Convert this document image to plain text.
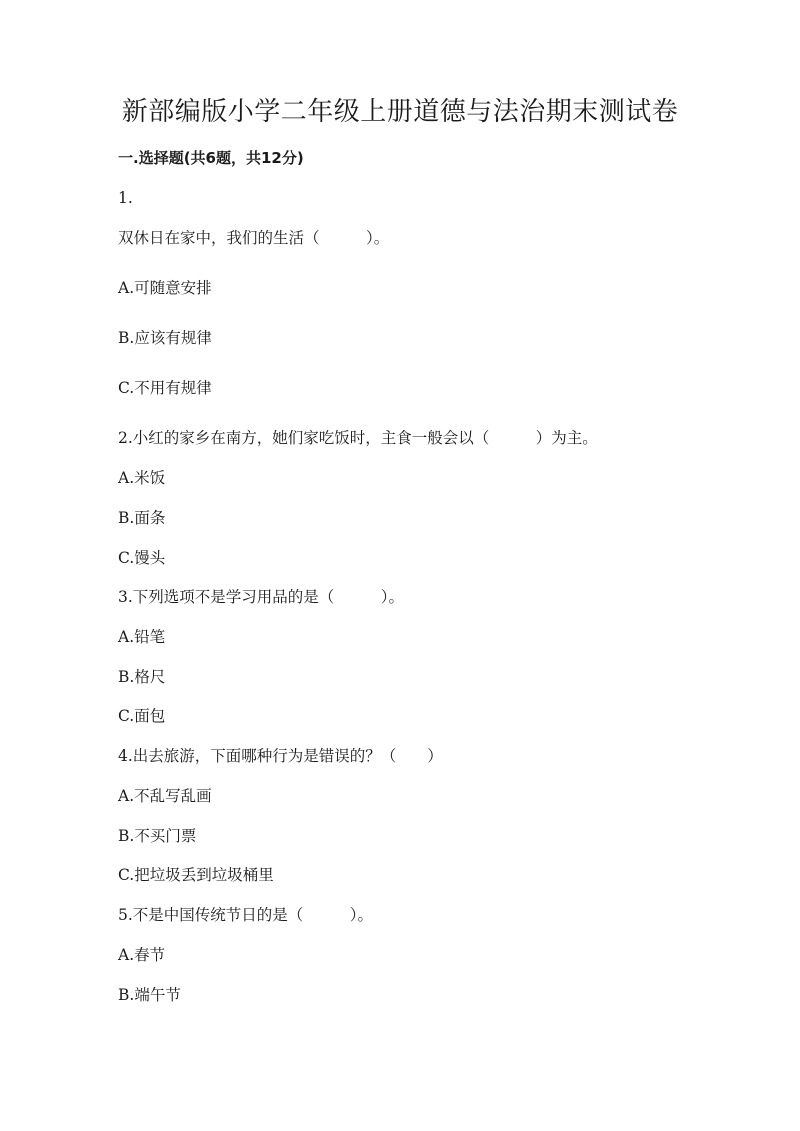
新部编版小学二年级上册道德与法治期末测试卷
一.选择题(共6题，共12分)
1.
双休日在家中，我们的生活（　　　）。
A.可随意安排
B.应该有规律
C.不用有规律
2.小红的家乡在南方，她们家吃饭时，主食一般会以（　　　）为主。
A.米饭
B.面条
C.馒头
3.下列选项不是学习用品的是（　　　）。
A.铅笔
B.格尺
C.面包
4.出去旅游，下面哪种行为是错误的？（　　）
A.不乱写乱画
B.不买门票
C.把垃圾丢到垃圾桶里
5.不是中国传统节日的是（　　　）。
A.春节
B.端午节
